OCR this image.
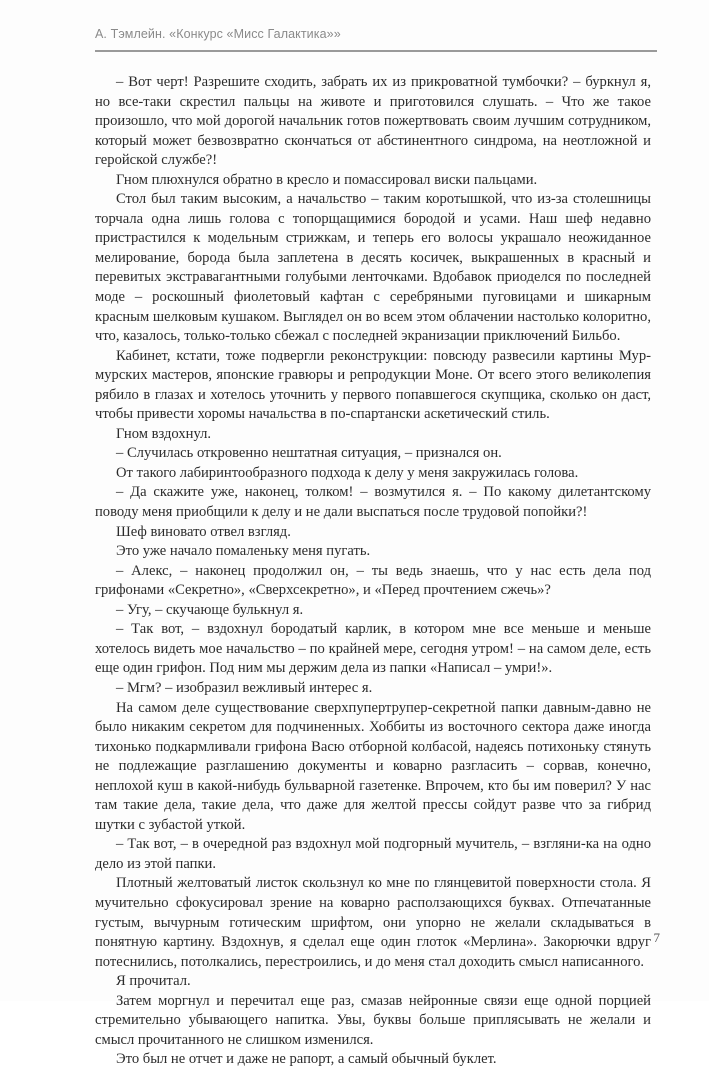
А. Тэмлейн. «Конкурс «Мисс Галактика»»

– Вот черт! Разрешите сходить, забрать их из прикроватной тумбочки? – буркнул я, но все-таки скрестил пальцы на животе и приготовился слушать. – Что же такое произошло, что мой дорогой начальник готов пожертвовать своим лучшим сотрудником, который может безвозвратно скончаться от абстинентного синдрома, на неотложной и геройской службе?!

Гном плюхнулся обратно в кресло и помассировал виски пальцами.

Стол был таким высоким, а начальство – таким коротышкой, что из-за столешницы торчала одна лишь голова с топорщащимися бородой и усами. Наш шеф недавно пристрастился к модельным стрижкам, и теперь его волосы украшало неожиданное мелирование, борода была заплетена в десять косичек, выкрашенных в красный и перевитых экстравагантными голубыми ленточками. Вдобавок приоделся по последней моде – роскошный фиолетовый кафтан с серебряными пуговицами и шикарным красным шелковым кушаком. Выглядел он во всем этом облачении настолько колоритно, что, казалось, только-только сбежал с последней экранизации приключений Бильбо.

Кабинет, кстати, тоже подвергли реконструкции: повсюду развесили картины Мурмурских мастеров, японские гравюры и репродукции Моне. От всего этого великолепия рябило в глазах и хотелось уточнить у первого попавшегося скупщика, сколько он даст, чтобы привести хоромы начальства в по-спартански аскетический стиль.

Гном вздохнул.

– Случилась откровенно нештатная ситуация, – признался он.

От такого лабиринтообразного подхода к делу у меня закружилась голова.

– Да скажите уже, наконец, толком! – возмутился я. – По какому дилетантскому поводу меня приобщили к делу и не дали выспаться после трудовой попойки?!

Шеф виновато отвел взгляд.

Это уже начало помаленьку меня пугать.

– Алекс, – наконец продолжил он, – ты ведь знаешь, что у нас есть дела под грифонами «Секретно», «Сверхсекретно», и «Перед прочтением сжечь»?

– Угу, – скучающе булькнул я.

– Так вот, – вздохнул бородатый карлик, в котором мне все меньше и меньше хотелось видеть мое начальство – по крайней мере, сегодня утром! – на самом деле, есть еще один грифон. Под ним мы держим дела из папки «Написал – умри!».

– Мгм? – изобразил вежливый интерес я.

На самом деле существование сверхпупертрупер-секретной папки давным-давно не было никаким секретом для подчиненных. Хоббиты из восточного сектора даже иногда тихонько подкармливали грифона Васю отборной колбасой, надеясь потихоньку стянуть не подлежащие разглашению документы и коварно разгласить – сорвав, конечно, неплохой куш в какой-нибудь бульварной газетенке. Впрочем, кто бы им поверил? У нас там такие дела, такие дела, что даже для желтой прессы сойдут разве что за гибрид шутки с зубастой уткой.

– Так вот, – в очередной раз вздохнул мой подгорный мучитель, – взгляни-ка на одно дело из этой папки.

Плотный желтоватый листок скользнул ко мне по глянцевитой поверхности стола. Я мучительно сфокусировал зрение на коварно расползающихся буквах. Отпечатанные густым, вычурным готическим шрифтом, они упорно не желали складываться в понятную картину. Вздохнув, я сделал еще один глоток «Мерлина». Закорючки вдруг потеснились, потолкались, перестроились, и до меня стал доходить смысл написанного.

Я прочитал.

Затем моргнул и перечитал еще раз, смазав нейронные связи еще одной порцией стремительно убывающего напитка. Увы, буквы больше приплясывать не желали и смысл прочитанного не слишком изменился.

Это был не отчет и даже не рапорт, а самый обычный буклет.

7
